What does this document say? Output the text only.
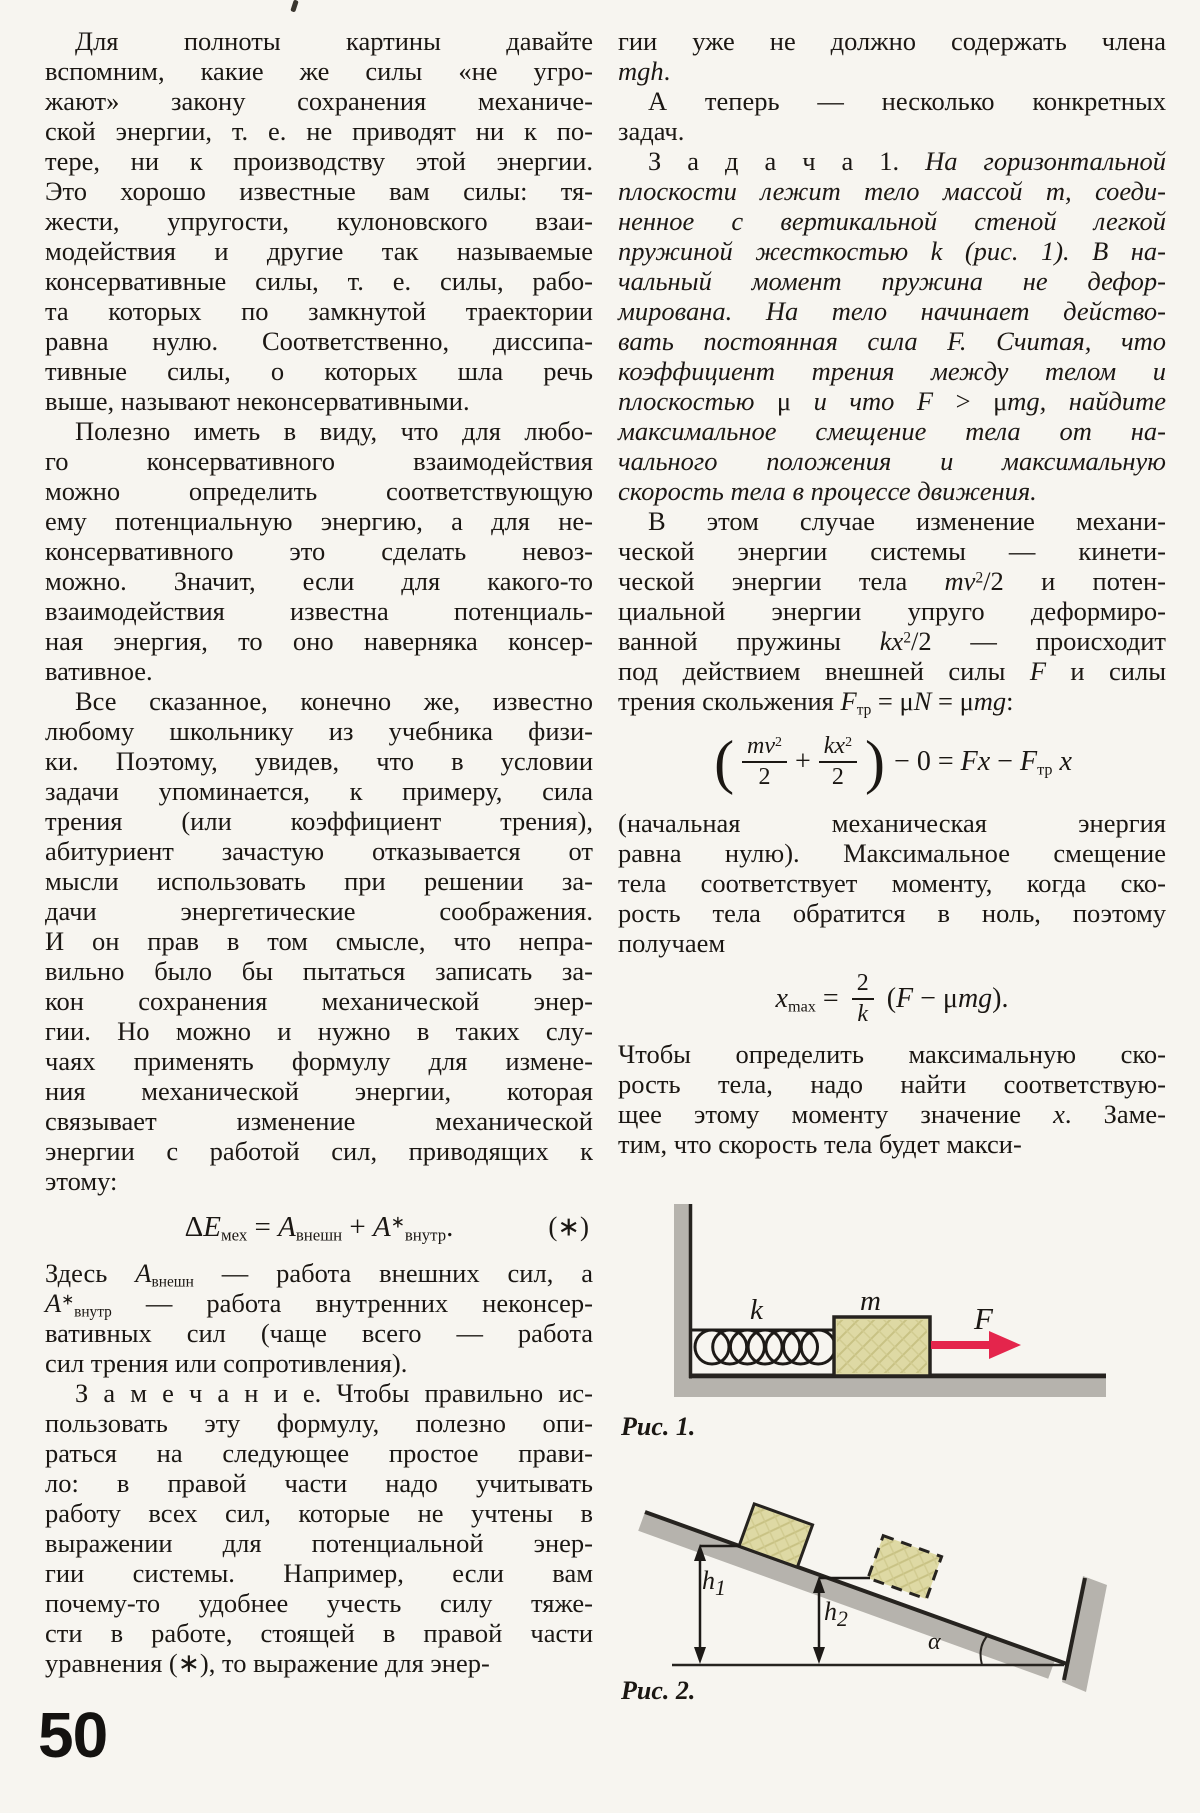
Для полноты картины давайте
вспомним, какие же силы «не угро-
жают» закону сохранения механиче-
ской энергии, т. е. не приводят ни к по-
тере, ни к производству этой энергии.
Это хорошо известные вам силы: тя-
жести, упругости, кулоновского взаи-
модействия и другие так называемые
консервативные силы, т. е. силы, рабо-
та которых по замкнутой траектории
равна нулю. Соответственно, диссипа-
тивные силы, о которых шла речь
выше, называют неконсервативными.
Полезно иметь в виду, что для любо-
го консервативного взаимодействия
можно определить соответствующую
ему потенциальную энергию, а для не-
консервативного это сделать невоз-
можно. Значит, если для какого-то
взаимодействия известна потенциаль-
ная энергия, то оно наверняка консер-
вативное.
Все сказанное, конечно же, известно
любому школьнику из учебника физи-
ки. Поэтому, увидев, что в условии
задачи упоминается, к примеру, сила
трения (или коэффициент трения),
абитуриент зачастую отказывается от
мысли использовать при решении за-
дачи энергетические соображения.
И он прав в том смысле, что непра-
вильно было бы пытаться записать за-
кон сохранения механической энер-
гии. Но можно и нужно в таких слу-
чаях применять формулу для измене-
ния механической энергии, которая
связывает изменение механической
энергии с работой сил, приводящих к
этому:
$\Delta E_{мех} = A_{внешн} + A^∗_{внутр}$.	(∗)
Здесь $A_{внешн}$ — работа внешних сил, а
$A^∗_{внутр}$ — работа внутренних неконсер-
вативных сил (чаще всего — работа
сил трения или сопротивления).
З а м е ч а н и е. Чтобы правильно ис-
пользовать эту формулу, полезно опи-
раться на следующее простое прави-
ло: в правой части надо учитывать
работу всех сил, которые не учтены в
выражении для потенциальной энер-
гии системы. Например, если вам
почему-то удобнее учесть силу тяже-
сти в работе, стоящей в правой части
уравнения (∗), то выражение для энер-
гии уже не должно содержать члена
mgh.
А теперь — несколько конкретных
задач.
З а д а ч а 1. На горизонтальной
плоскости лежит тело массой m, соеди-
ненное с вертикальной стеной легкой
пружиной жесткостью k (рис. 1). В на-
чальный момент пружина не дефор-
мирована. На тело начинает действо-
вать постоянная сила F. Считая, что
коэффициент трения между телом и
плоскостью μ и что F > μmg, найдите
максимальное смещение тела от на-
чального положения и максимальную
скорость тела в процессе движения.
В этом случае изменение механи-
ческой энергии системы — кинети-
ческой энергии тела $mv^2/2$ и потен-
циальной энергии упруго деформиро-
ванной пружины $kx^2/2$ — происходит
под действием внешней силы F и силы
трения скольжения $F_{тр} = \mu N = \mu mg$:
( $\frac{mv^2}{2} + \frac{kx^2}{2}$ ) − $0 = Fx - F_{тр}$ x
(начальная механическая энергия
равна нулю). Максимальное смещение
тела соответствует моменту, когда ско-
рость тела обратится в ноль, поэтому
получаем
$x_{max} = \frac{2}{k} (F - \mu mg)$.
Чтобы определить максимальную ско-
рость тела, надо найти соответствую-
щее этому моменту значение x. Заме-
тим, что скорость тела будет макси-
k	m	F
$h_1$
$h_2$
α
Рис. 1.
Рис. 2.
50
